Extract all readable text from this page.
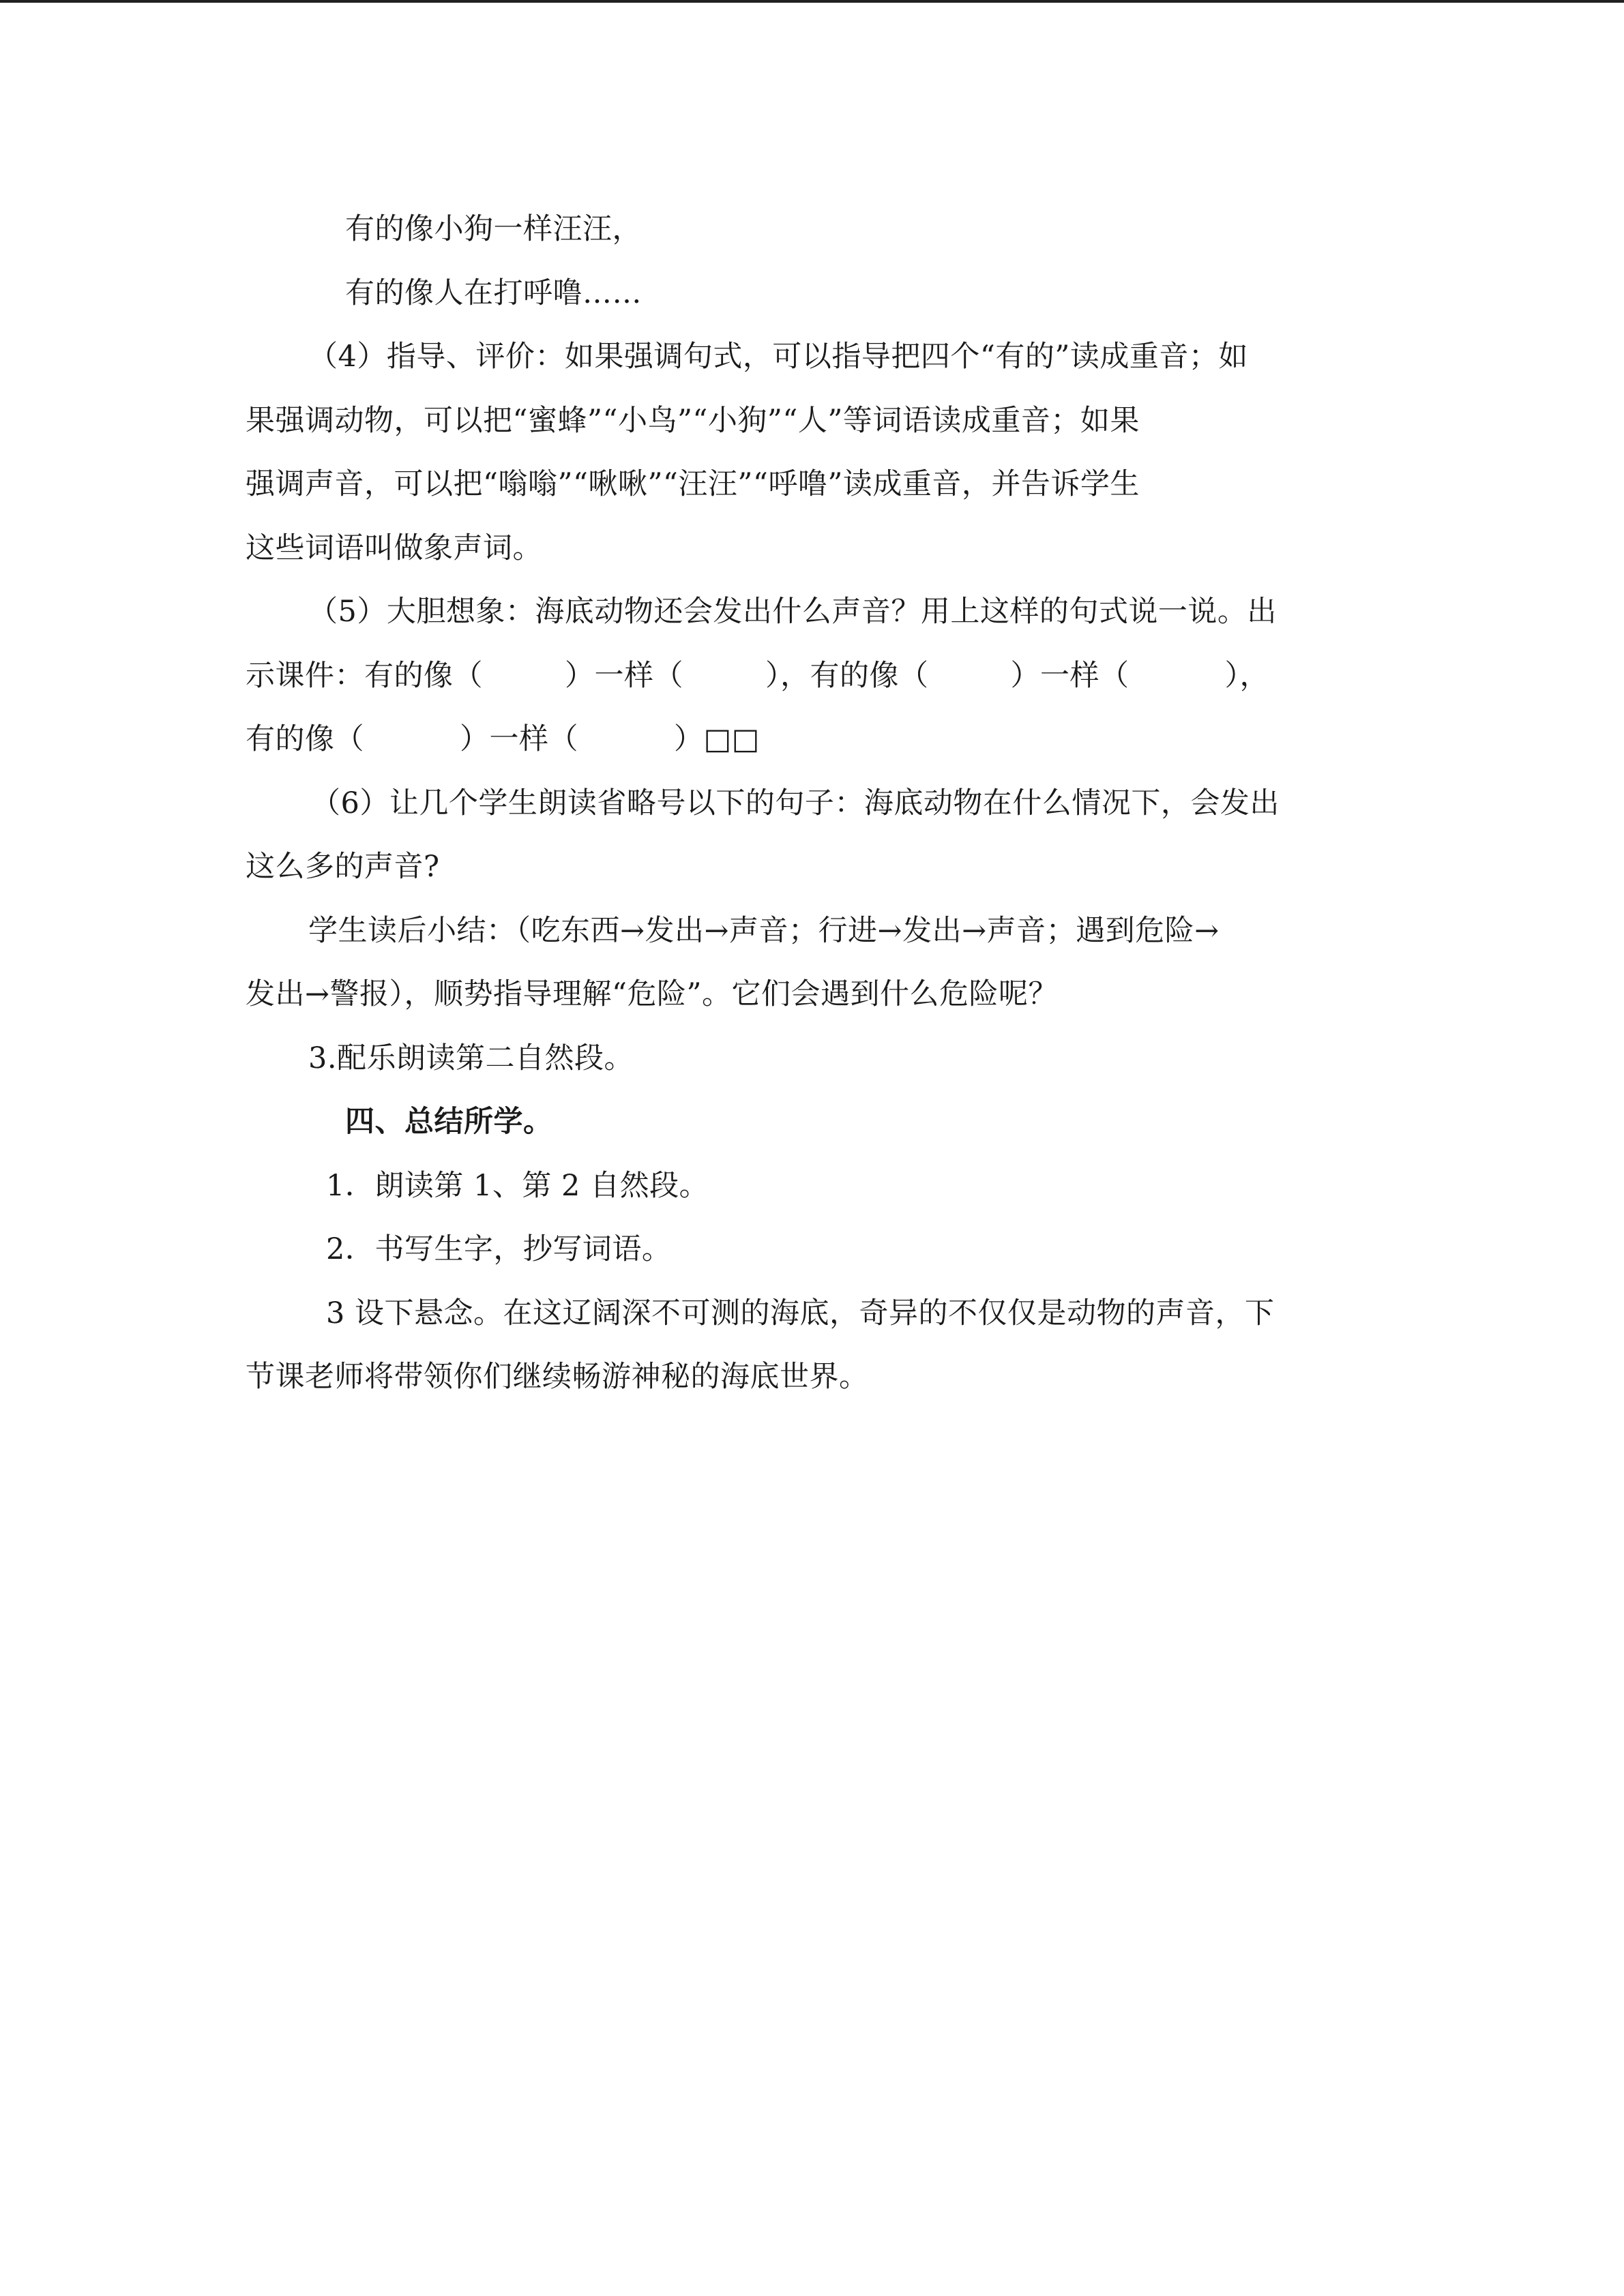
有的像小狗一样汪汪，
有的像人在打呼噜……
（4）指导、评价：如果强调句式，可以指导把四个“有的”读成重音；如
果强调动物，可以把“蜜蜂”“小鸟”“小狗”“人”等词语读成重音；如果
强调声音，可以把“嗡嗡”“啾啾”“汪汪”“呼噜”读成重音，并告诉学生
这些词语叫做象声词。
（5）大胆想象：海底动物还会发出什么声音？用上这样的句式说一说。出
示课件：有的像（	）一样（	），有的像（	）一样（	），
有的像（	）一样（	）□□
（6）让几个学生朗读省略号以下的句子：海底动物在什么情况下，会发出
这么多的声音?
学生读后小结：（吃东西→发出→声音；行进→发出→声音；遇到危险→
发出→警报），顺势指导理解“危险”。它们会遇到什么危险呢？
3.配乐朗读第二自然段。
四、总结所学。
1．朗读第 1、第 2 自然段。
2．书写生字，抄写词语。
3 设下悬念。在这辽阔深不可测的海底，奇异的不仅仅是动物的声音，下
节课老师将带领你们继续畅游神秘的海底世界。
